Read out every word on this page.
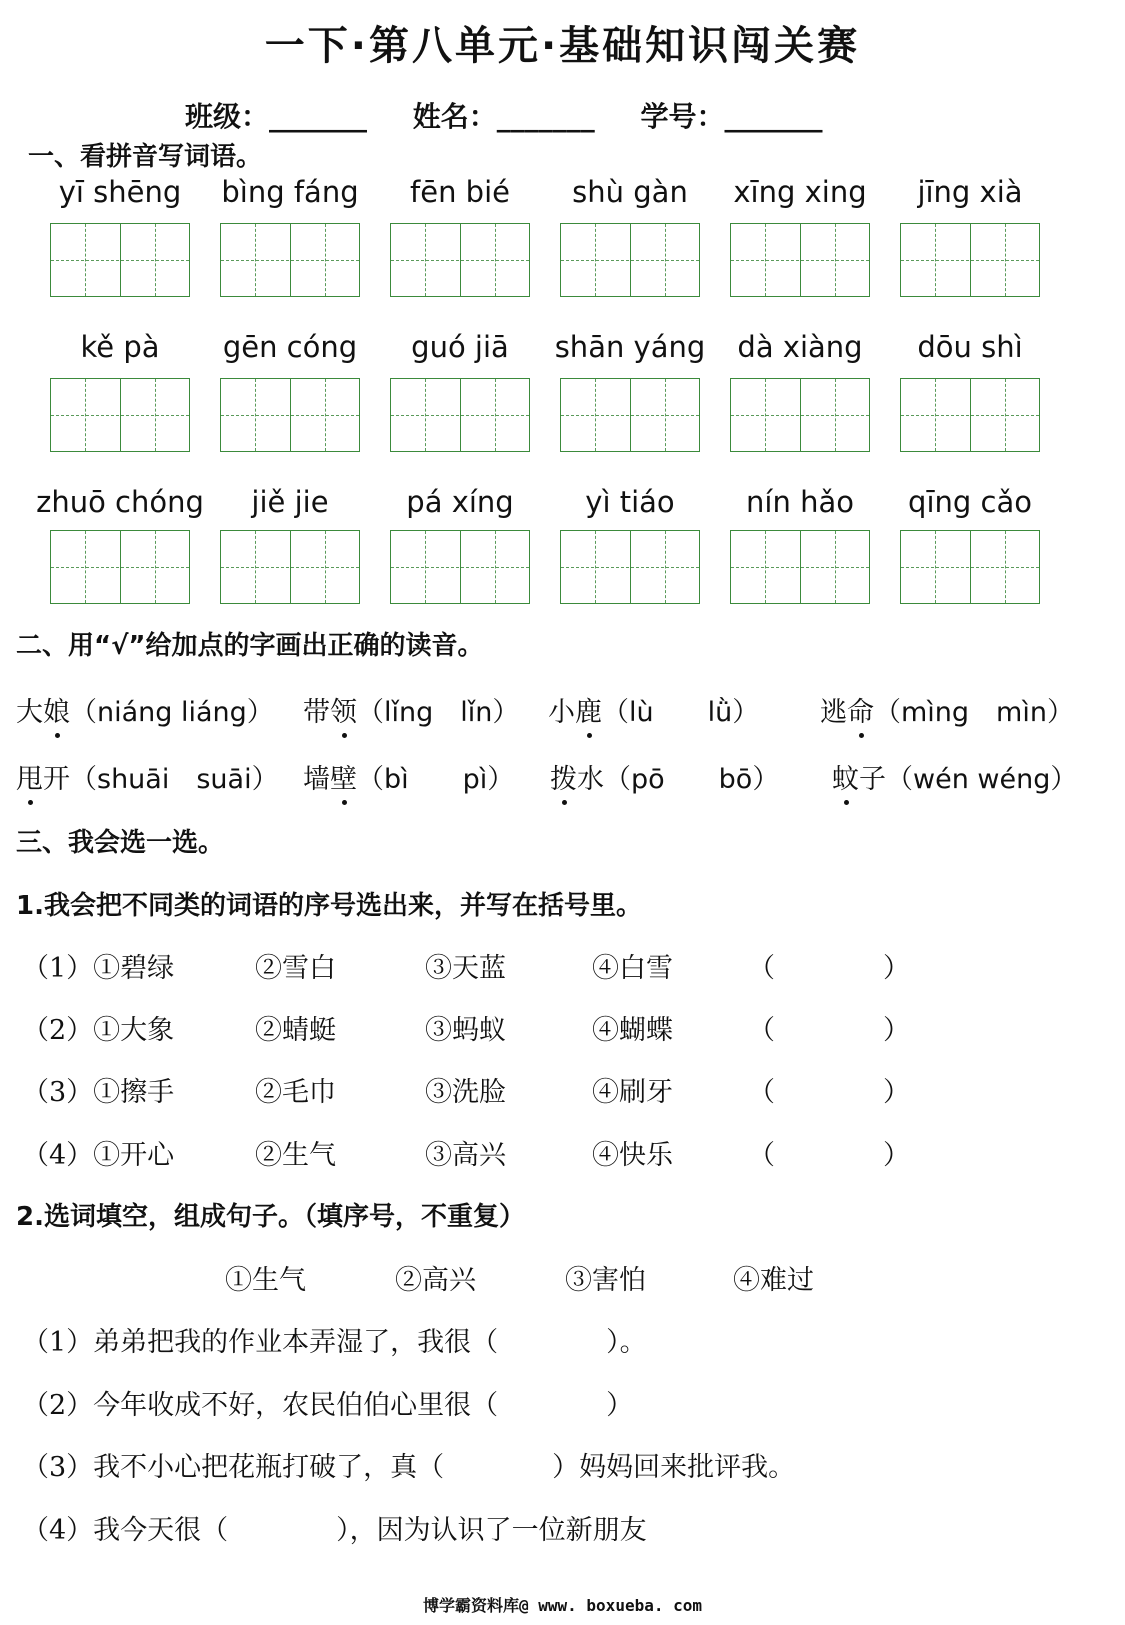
一下·第八单元·基础知识闯关赛
班级：_______ 姓名：_______ 学号：_______
一、看拼音写词语。
yī shēng	bìng fáng	fēn bié	shù gàn	xīng xing	jīng xià
kě pà	gēn cóng	guó jiā	shān yáng	dà xiàng	dōu shì
zhuō chóng	jiě jie	pá xíng	yì tiáo	nín hǎo	qīng cǎo
二、用“√”给加点的字画出正确的读音。
大娘（niáng liáng） 带领（lǐng　lǐn） 小鹿（lù　　lǜ） 逃命（mìng　mìn）
甩开（shuāi　suāi） 墙壁（bì　　pì） 拨水（pō　　bō） 蚊子（wén wéng）
三、我会选一选。
1.我会把不同类的词语的序号选出来，并写在括号里。
（1）①碧绿	②雪白	③天蓝	④白雪	（　　　　）
（2）①大象	②蜻蜓	③蚂蚁	④蝴蝶	（　　　　）
（3）①擦手	②毛巾	③洗脸	④刷牙	（　　　　）
（4）①开心	②生气	③高兴	④快乐	（　　　　）
2.选词填空，组成句子。（填序号，不重复）
①生气	②高兴	③害怕	④难过
（1）弟弟把我的作业本弄湿了，我很（　　　　）。
（2）今年收成不好，农民伯伯心里很（　　　　）
（3）我不小心把花瓶打破了，真（　　　　）妈妈回来批评我。
（4）我今天很（　　　　），因为认识了一位新朋友
博学霸资料库@ www. boxueba. com
